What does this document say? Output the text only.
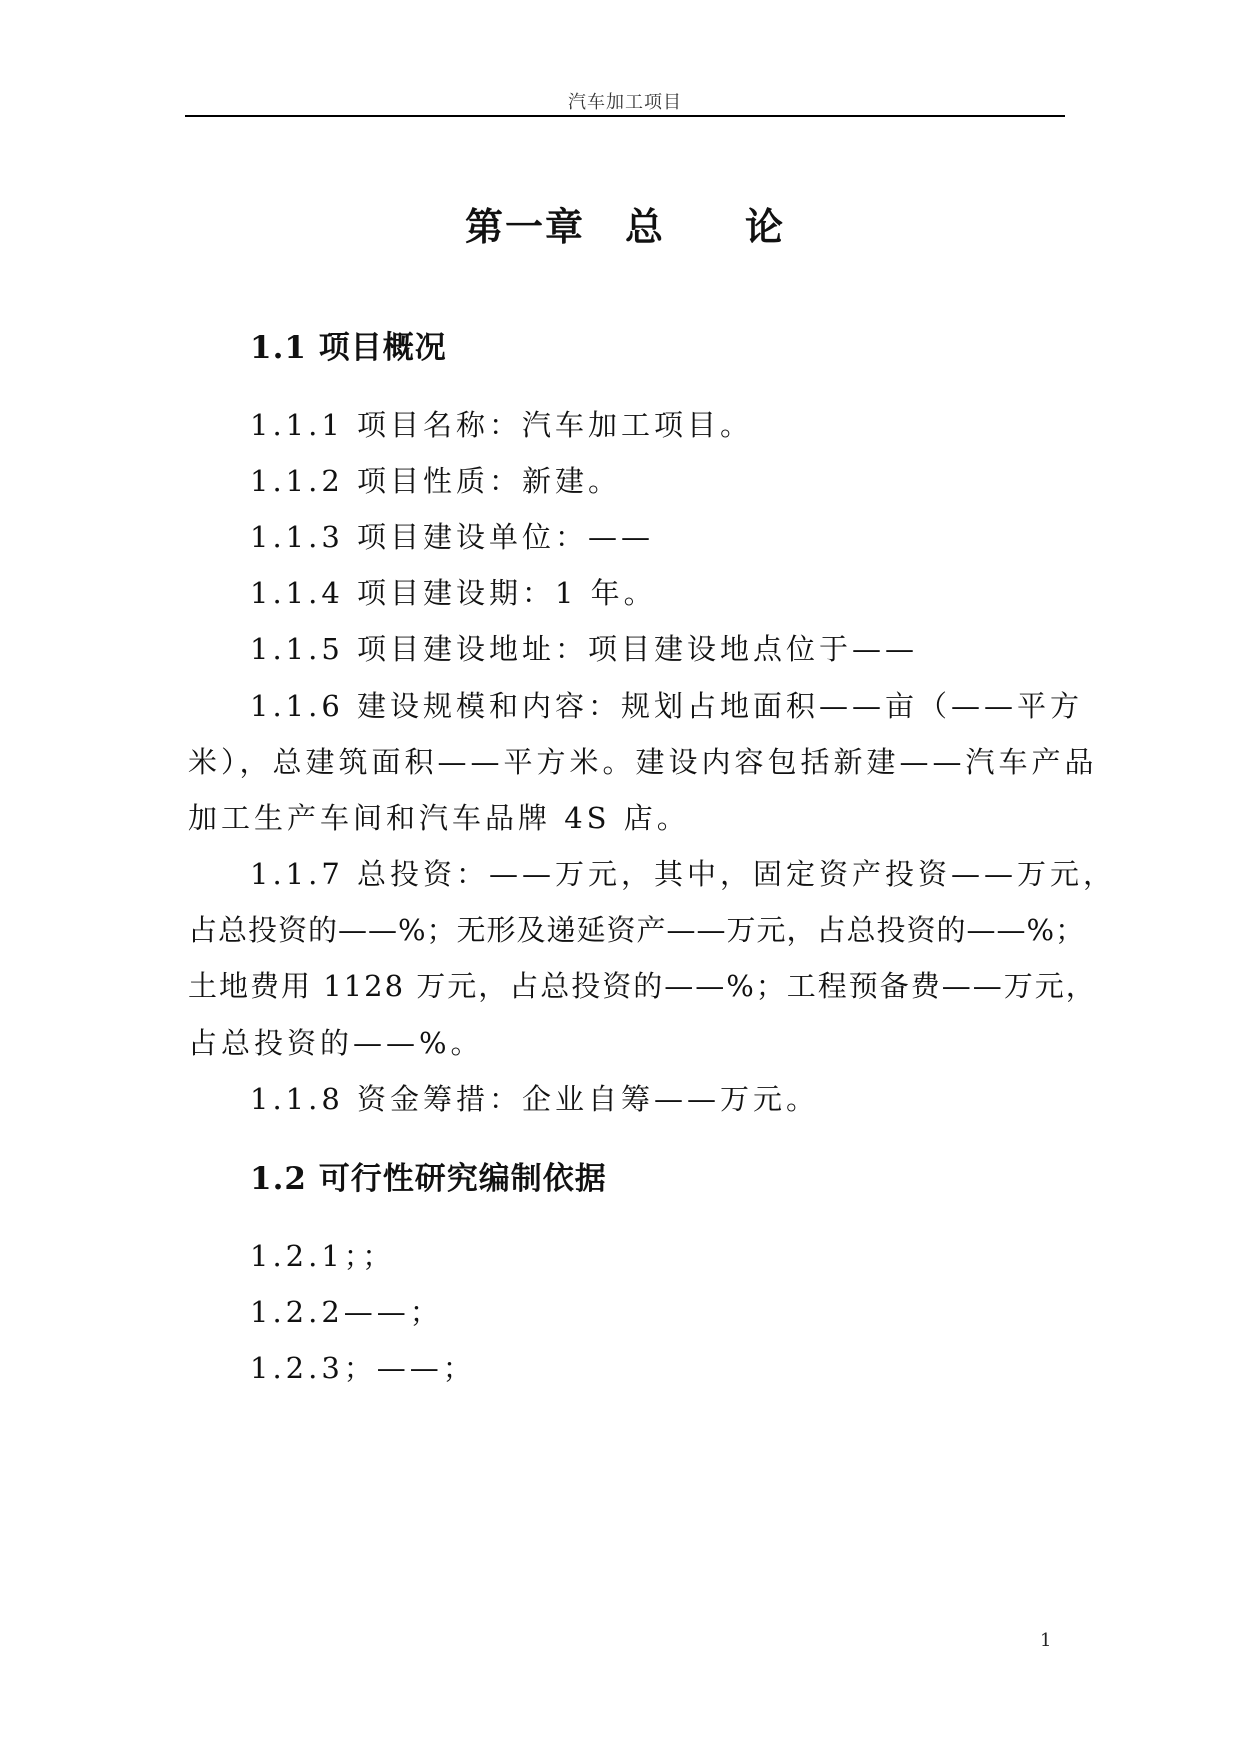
汽车加工项目
第一章　总　　论
1.1 项目概况
1.1.1 项目名称：汽车加工项目。
1.1.2 项目性质：新建。
1.1.3 项目建设单位：——
1.1.4 项目建设期：1 年。
1.1.5 项目建设地址：项目建设地点位于——
1.1.6 建设规模和内容：规划占地面积——亩（——平方
米），总建筑面积——平方米。建设内容包括新建——汽车产品
加工生产车间和汽车品牌 4S 店。
1.1.7 总投资：——万元，其中，固定资产投资——万元，
占总投资的——%；无形及递延资产——万元，占总投资的——%；
土地费用 1128 万元，占总投资的——%；工程预备费——万元，
占总投资的——%。
1.1.8 资金筹措：企业自筹——万元。
1.2 可行性研究编制依据
1.2.1；；
1.2.2——；
1.2.3；——；
1
